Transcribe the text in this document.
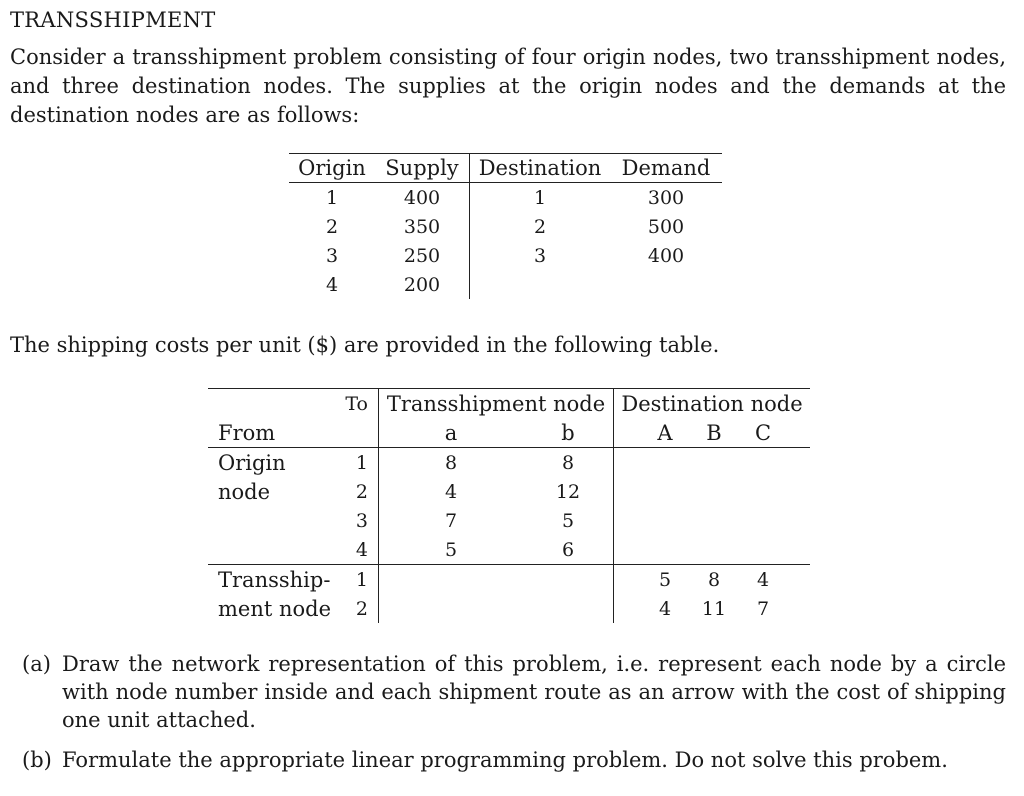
TRANSSHIPMENT
Consider a transshipment problem consisting of four origin nodes, two transshipment nodes, and three destination nodes. The supplies at the origin nodes and the demands at the destination nodes are as follows:
Origin	Supply	Destination	Demand
1	400	1	300
2	350	2	500
3	250	3	400
4	200		
The shipping costs per unit ($) are provided in the following table.
	To	Transshipment node		Destination node		
From		a	b	A	B	C
Origin	1	8	8			
node	2	4	12			
	3	7	5			
	4	5	6			
Transship-	1			5	8	4
ment node	2			4	11	7
(a) Draw the network representation of this problem, i.e. represent each node by a circle with node number inside and each shipment route as an arrow with the cost of shipping one unit attached.
(b) Formulate the appropriate linear programming problem. Do not solve this probem.
